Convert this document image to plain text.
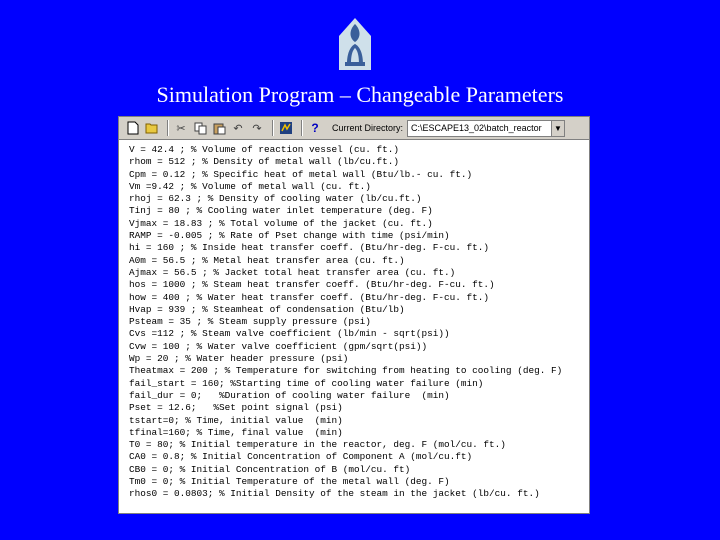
Simulation Program – Changeable Parameters
✂	↶ ↷	?	Current Directory: C:\ESCAPE13_02\batch_reactor	▼
V = 42.4 ; % Volume of reaction vessel (cu. ft.)
rhom = 512 ; % Density of metal wall (lb/cu.ft.)
Cpm = 0.12 ; % Specific heat of metal wall (Btu/lb.- cu. ft.)
Vm =9.42 ; % Volume of metal wall (cu. ft.)
rhoj = 62.3 ; % Density of cooling water (lb/cu.ft.)
Tinj = 80 ; % Cooling water inlet temperature (deg. F)
Vjmax = 18.83 ; % Total volume of the jacket (cu. ft.)
RAMP = -0.005 ; % Rate of Pset change with time (psi/min)
hi = 160 ; % Inside heat transfer coeff. (Btu/hr-deg. F-cu. ft.)
A0m = 56.5 ; % Metal heat transfer area (cu. ft.)
Ajmax = 56.5 ; % Jacket total heat transfer area (cu. ft.)
hos = 1000 ; % Steam heat transfer coeff. (Btu/hr-deg. F-cu. ft.)
how = 400 ; % Water heat transfer coeff. (Btu/hr-deg. F-cu. ft.)
Hvap = 939 ; % Steamheat of condensation (Btu/lb)
Psteam = 35 ; % Steam supply pressure (psi)
Cvs =112 ; % Steam valve coefficient (lb/min - sqrt(psi))
Cvw = 100 ; % Water valve coefficient (gpm/sqrt(psi))
Wp = 20 ; % Water header pressure (psi)
Theatmax = 200 ; % Temperature for switching from heating to cooling (deg. F)
fail_start = 160; %Starting time of cooling water failure (min)
fail_dur = 0;   %Duration of cooling water failure  (min)
Pset = 12.6;   %Set point signal (psi)
tstart=0; % Time, initial value  (min)
tfinal=160; % Time, final value  (min)
T0 = 80; % Initial temperature in the reactor, deg. F (mol/cu. ft.)
CA0 = 0.8; % Initial Concentration of Component A (mol/cu.ft)
CB0 = 0; % Initial Concentration of B (mol/cu. ft)
Tm0 = 0; % Initial Temperature of the metal wall (deg. F)
rhos0 = 0.0803; % Initial Density of the steam in the jacket (lb/cu. ft.)
